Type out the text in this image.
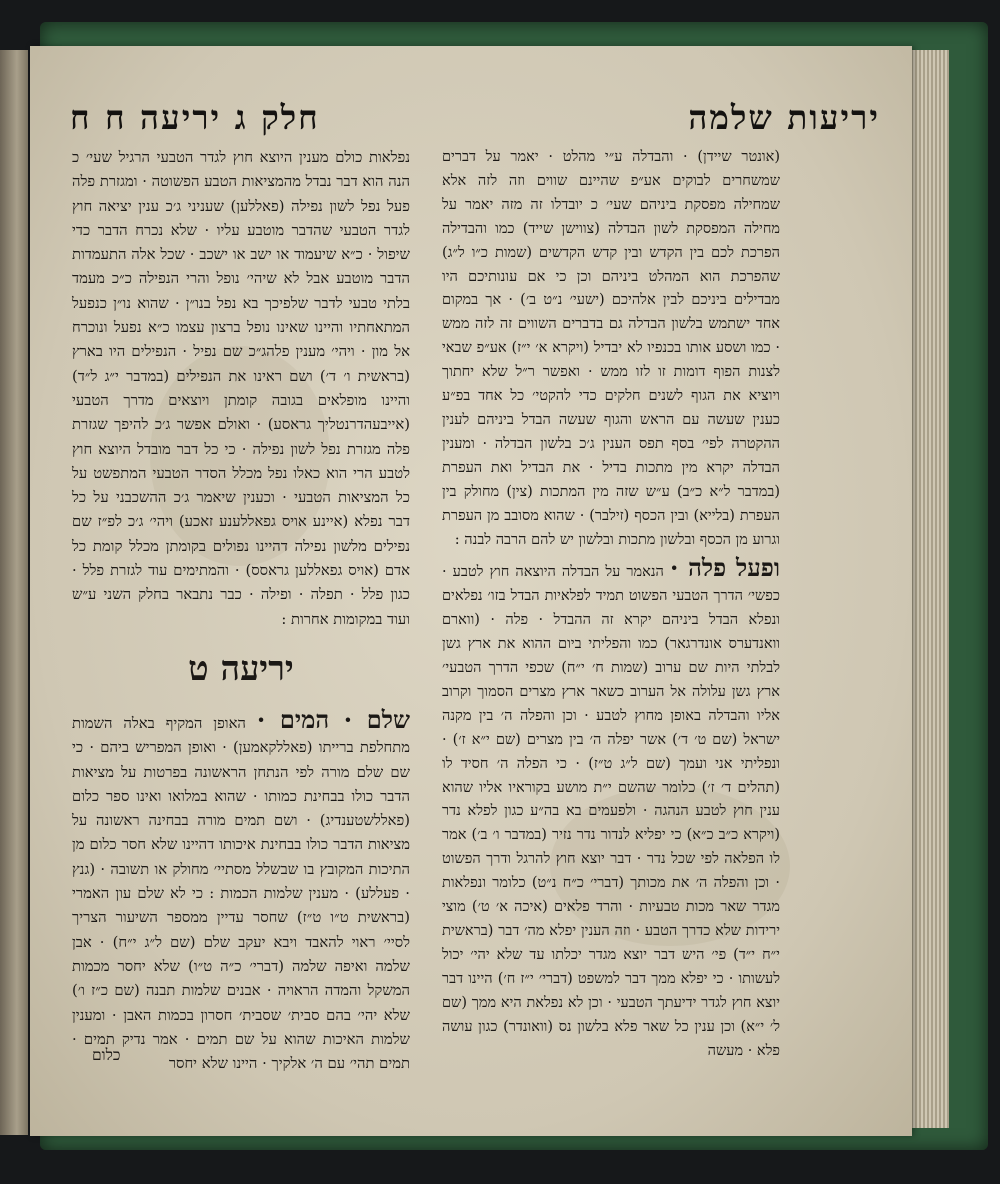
יריעות שלמה
חלק ג יריעה ח ח

(אונטר שיידן) · והבדלה ע״י מהלט · יאמר על דברים שמשחרים לבוקים אע״פ שהיינם שווים וזה לזה אלא שמחילה מפסקת ביניהם שעי׳ כ יובדלו זה מזה יאמר על מחילה המפסקת לשון הבדלה (צווישן שייד) כמו והבדילה הפרכת לכם בין הקדש ובין קדש הקדשים (שמות כ״ו ל״ג) שהפרכת הוא המהלט ביניהם וכן כי אם עונותיכם היו מבדילים ביניכם לבין אלהיכם (ישעי׳ נ״ט ב׳) · אך במקום אחד ישתמש בלשון הבדלה גם בדברים השווים זה לזה ממש · כמו ושסע אותו בכנפיו לא יבדיל (ויקרא א׳ י״ז) אע״פ שבאי לצנות הפוף דומות זו לזו ממש · ואפשר ר״ל שלא יחתוך ויוציא את הגוף לשנים חלקים כדי להקטי׳ כל אחד בפ״ע כענין שעשה עם הראש והגוף שעשה הבדל ביניהם לענין ההקטרה לפי׳ בסף תפס הענין ג׳כ בלשון הבדלה · ומענין הבדלה יקרא מין מתכות בדיל · את הבדיל ואת העפרת (במדבר ל״א כ״ב) ע״ש שזה מין המתכות (צין) מחולק בין העפרת (בלייא) ובין הכסף (זילבר) · שהוא מסובב מן העפרת וגרוע מן הכסף ובלשון מתכות ובלשון יש להם הרבה לבנה :

ופעל פלה · הנאמר על הבדלה היוצאה חוץ לטבע · כפשי׳ הדרך הטבעי הפשוט תמיד לפלאיות הבדל בזו׳ נפלאים ונפלא הבדל ביניהם יקרא זה ההבדל · פלה · (ווארם וואנדערס אונדרגאר) כמו והפליתי ביום ההוא את ארץ גשן לבלתי היות שם ערוב (שמות ח׳ י״ח) שכפי הדרך הטבעי׳ ארץ גשן עלולה אל הערוב כשאר ארץ מצרים הסמוך וקרוב אליו והבדלה באופן מחוץ לטבע · וכן והפלה ה׳ בין מקנה ישראל (שם ט׳ ד׳) אשר יפלה ה׳ בין מצרים (שם י״א ז׳) · ונפליתי אני ועמך (שם ל״ג ט״ז) · כי הפלה ה׳ חסיד לו (תהלים ד׳ ז׳) כלומר שהשם י״ת מושע בקוראיו אליו שהוא ענין חוץ לטבע הנהגה · ולפעמים בא בה״ע כגון לפלא נדר (ויקרא כ״ב כ״א) כי יפליא לנדור נדר נזיר (במדבר ו׳ ב׳) אמר לו הפלאה לפי שכל נדר · דבר יוצא חוץ להרגל ודרך הפשוט · וכן והפלה ה׳ את מכותך (דברי׳ כ״ח נ״ט) כלומר ונפלאות מגדר שאר מכות טבעיות · והרד פלאים (איכה א׳ ט׳) מוצי ירידות שלא כדרך הטבע · וזה הענין יפלא מה׳ דבר (בראשית י״ח י״ד) פי׳ היש דבר יוצא מגדר יכלתו עד שלא יהי׳ יכול לעשותו · כי יפלא ממך דבר למשפט (דברי׳ י״ז ח׳) היינו דבר יוצא חוץ לגדר ידיעתך הטבעי · וכן לא נפלאת היא ממך (שם ל׳ י״א) וכן ענין כל שאר פלא בלשון נס (וואונדר) כגון עושה פלא · מעשה

נפלאות כולם מענין היוצא חוץ לגדר הטבעי הרגיל שעי׳ כ הנה הוא דבר נבדל מהמציאות הטבע הפשוטה · ומגזרת פלה פעל נפל לשון נפילה (פאללען) שעניני ג׳כ ענין יציאה חוץ לגדר הטבעי שהדבר מוטבע עליו · שלא נכרח הדבר כדי שיפול · כ״א שיעמוד או ישב או ישכב · שכל אלה התעמדות הדבר מוטבע אבל לא שיהי׳ נופל והרי הנפילה כ״כ מעמד בלתי טבעי לדבר שלפיכך בא נפל בנו״ן · שהוא נו״ן כנפעל המתאחתיו והיינו שאינו נופל ברצון עצמו כ״א נפעל ונוכרח אל מון · ויהי׳ מענין פלהג״כ שם נפיל · הנפילים היו בארץ (בראשית ו׳ ד׳) ושם ראינו את הנפילים (במדבר י״ג ל״ד) והיינו מופלאים בגובה קומתן ויוצאים מדרך הטבעי (אייבעהדרנטליך גראסע) · ואולם אפשר ג׳כ להיפך שגזרת פלה מגזרת נפל לשון נפילה · כי כל דבר מובדל היוצא חוץ לטבע הרי הוא כאלו נפל מכלל הסדר הטבעי המתפשט על כל המציאות הטבעי · וכענין שיאמר ג׳כ ההשכבני על כל דבר נפלא (איינע אויס גפאללענע זאכע) ויהי׳ ג׳כ לפ״ז שם נפילים מלשון נפילה דהיינו נפולים בקומתן מכלל קומת כל אדם (אויס גפאללען גראסס) · והמתימים עוד לגזרת פלל · כגון פלל · תפלה · ופילה · כבר נתבאר בחלק השני ע״ש ועוד במקומות אחרות :

יריעה ט

שלם · המים · האופן המקיף באלה השמות מתחלפת ברייתו (פאללקאמען) · ואופן המפריש ביהם · כי שם שלם מורה לפי הנתחן הראשונה בפרטות על מציאות הדבר כולו בבחינת כמותו · שהוא במלואו ואינו ספר כלום (פאללשטענדיג) · ושם תמים מורה בבחינה ראשונה על מציאות הדבר כולו בבחינת איכותו דהיינו שלא חסר כלום מן התיכות המקובץ בו שבשלל מסתיי׳ מחולק או תשובה · (גנץ · פעללע) · מענין שלמות הכמות : כי לא שלם עון האמרי (בראשית ט״ו ט״ז) שחסר עדיין ממספר השיעור הצריך לסיי׳ ראוי להאבד ויבא יעקב שלם (שם ל״ג י״ח) · אבן שלמה ואיפה שלמה (דברי׳ כ״ה ט״ו) שלא יחסר מכמות המשקל והמדה הראויה · אבנים שלמות תבנה (שם כ״ז ו׳) שלא יהי׳ בהם סבית׳ שסבית׳ חסרון בכמות האבן · ומענין שלמות האיכות שהוא על שם תמים · אמר נדיק תמים · תמים תהי׳ עם ה׳ אלקיך · היינו שלא יחסר

כלום
